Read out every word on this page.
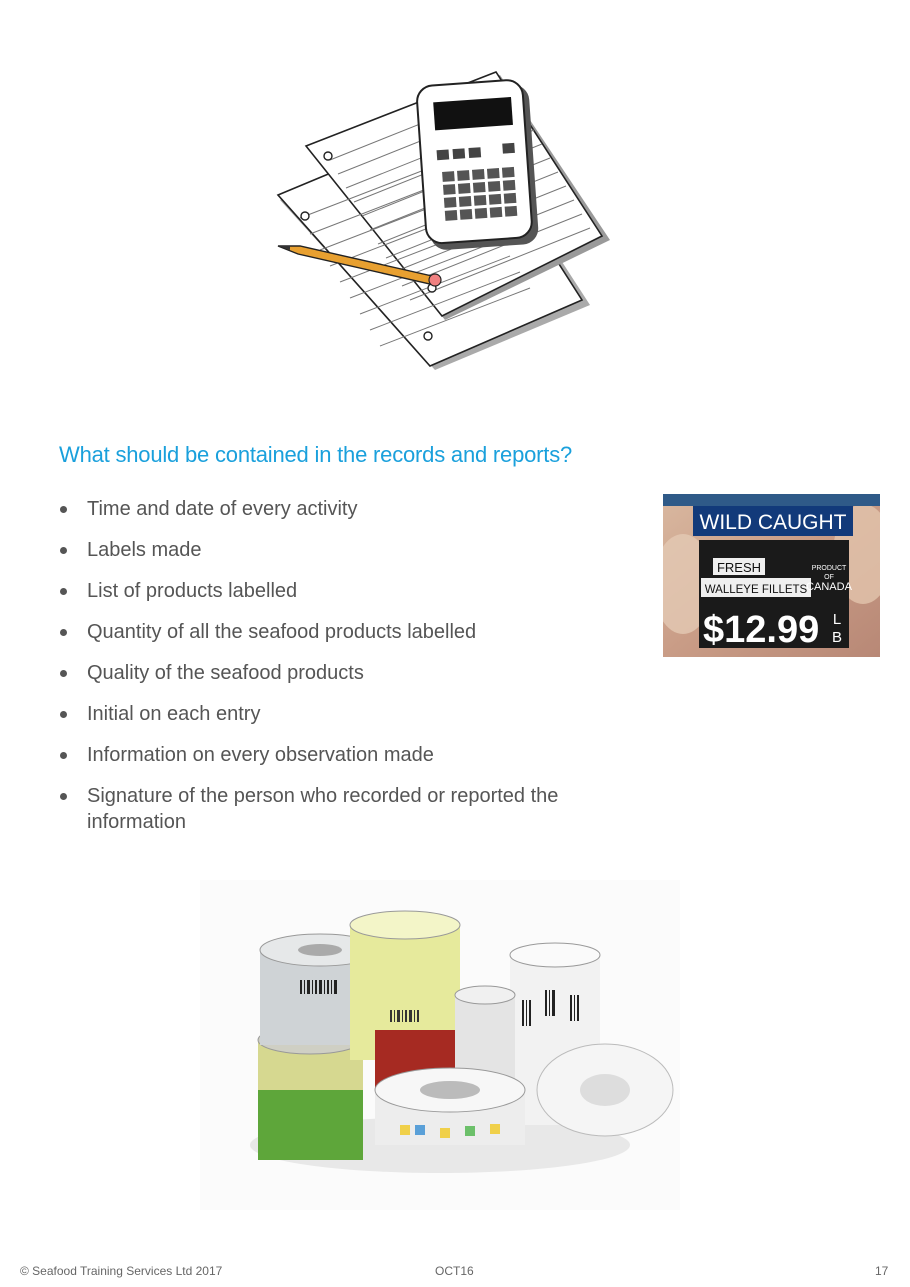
What should be contained in the records and reports?
Time and date of every activity
Labels made
List of products labelled
Quantity of all the seafood products labelled
Quality of the seafood products
Initial on each entry
Information on every observation made
Signature of the person who recorded or reported the information
WILD CAUGHT
FRESH
WALLEYE FILLETS
PRODUCT
OF
CANADA
$12.99 L
B
© Seafood Training Services Ltd 2017	OCT16	17
